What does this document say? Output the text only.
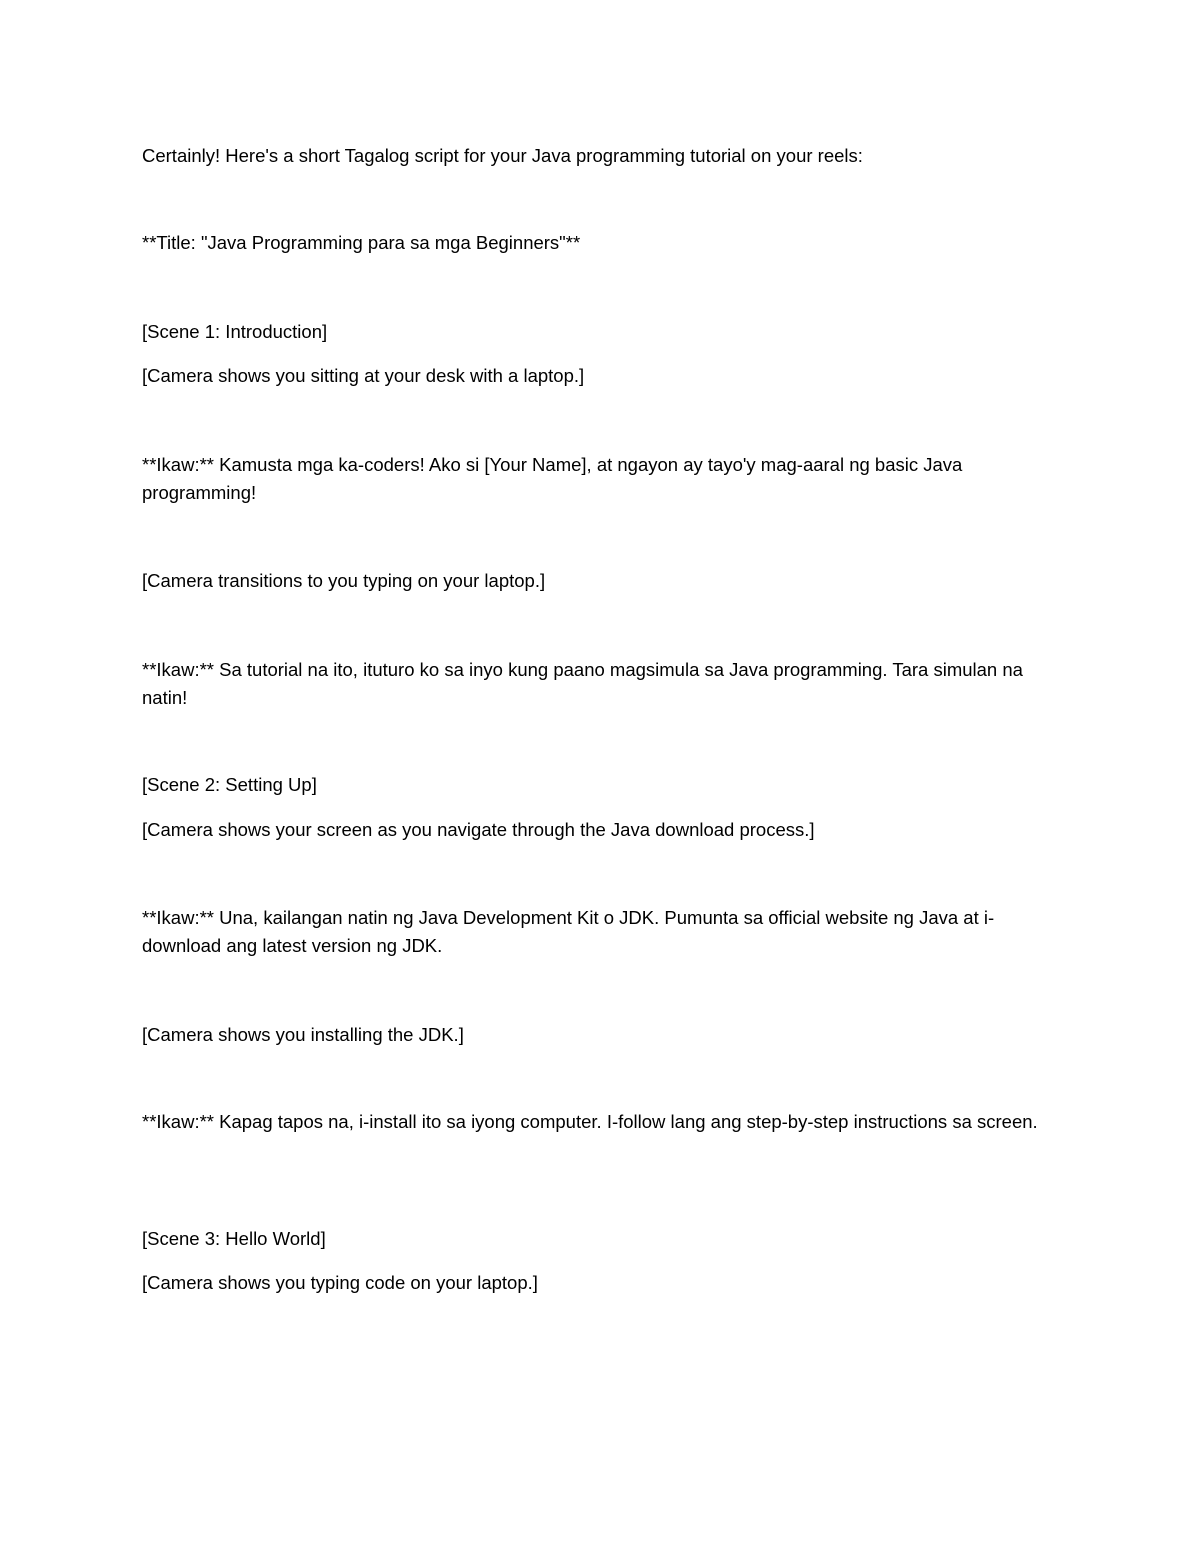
Certainly! Here's a short Tagalog script for your Java programming tutorial on your reels:

**Title: "Java Programming para sa mga Beginners"**

[Scene 1: Introduction]

[Camera shows you sitting at your desk with a laptop.]

**Ikaw:** Kamusta mga ka-coders! Ako si [Your Name], at ngayon ay tayo'y mag-aaral ng basic Java programming!

[Camera transitions to you typing on your laptop.]

**Ikaw:** Sa tutorial na ito, ituturo ko sa inyo kung paano magsimula sa Java programming. Tara simulan na natin!

[Scene 2: Setting Up]

[Camera shows your screen as you navigate through the Java download process.]

**Ikaw:** Una, kailangan natin ng Java Development Kit o JDK. Pumunta sa official website ng Java at i-download ang latest version ng JDK.

[Camera shows you installing the JDK.]

**Ikaw:** Kapag tapos na, i-install ito sa iyong computer. I-follow lang ang step-by-step instructions sa screen.

[Scene 3: Hello World]

[Camera shows you typing code on your laptop.]
